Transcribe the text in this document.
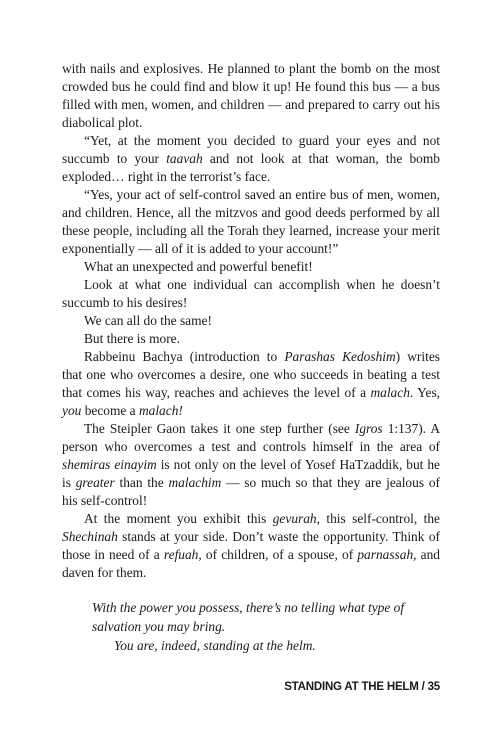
with nails and explosives. He planned to plant the bomb on the most crowded bus he could find and blow it up! He found this bus — a bus filled with men, women, and children — and prepared to carry out his diabolical plot.

“Yet, at the moment you decided to guard your eyes and not succumb to your taavah and not look at that woman, the bomb exploded… right in the terrorist’s face.

“Yes, your act of self-control saved an entire bus of men, women, and children. Hence, all the mitzvos and good deeds performed by all these people, including all the Torah they learned, increase your merit exponentially — all of it is added to your account!”

What an unexpected and powerful benefit!

Look at what one individual can accomplish when he doesn’t succumb to his desires!

We can all do the same!

But there is more.

Rabbeinu Bachya (introduction to Parashas Kedoshim) writes that one who overcomes a desire, one who succeeds in beating a test that comes his way, reaches and achieves the level of a malach. Yes, you become a malach!

The Steipler Gaon takes it one step further (see Igros 1:137). A person who overcomes a test and controls himself in the area of shemiras einayim is not only on the level of Yosef HaTzaddik, but he is greater than the malachim — so much so that they are jealous of his self-control!

At the moment you exhibit this gevurah, this self-control, the Shechinah stands at your side. Don’t waste the opportunity. Think of those in need of a refuah, of children, of a spouse, of parnassah, and daven for them.

With the power you possess, there’s no telling what type of salvation you may bring.

You are, indeed, standing at the helm.

STANDING AT THE HELM / 35
